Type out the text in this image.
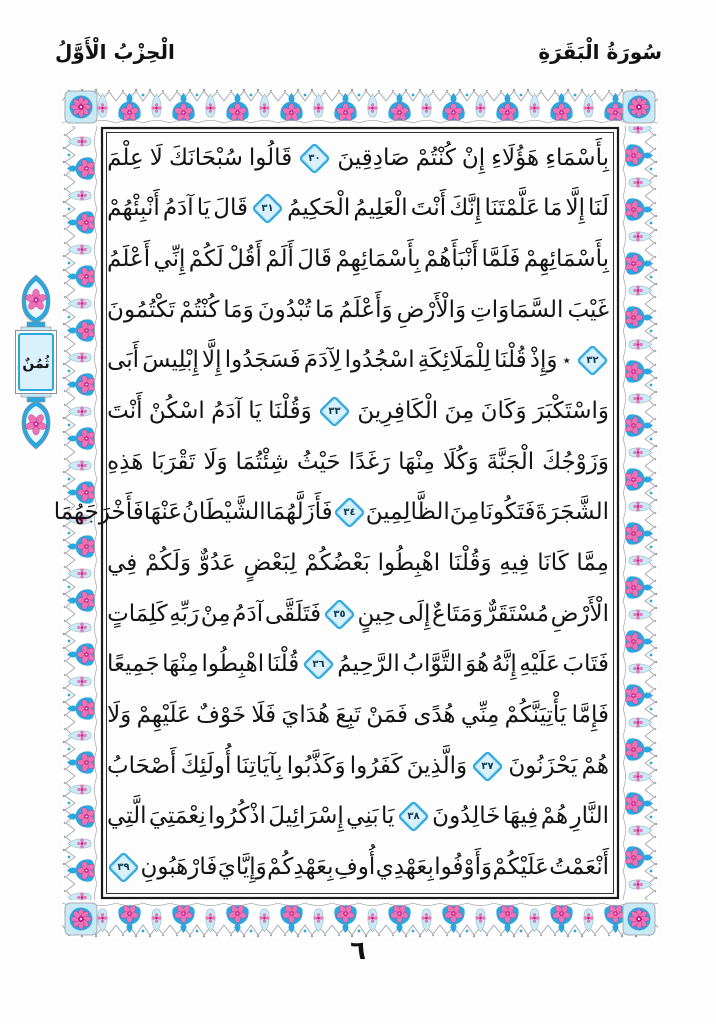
سُورَةُ الْبَقَرَةِ
الْحِزْبُ الْأَوَّلُ
ثُمُنٌ
بِأَسْمَاءِ
هَؤُلَاءِ
إِنْ
كُنْتُمْ
صَادِقِينَ
٣٠
قَالُوا
سُبْحَانَكَ
لَا
عِلْمَ
لَنَا
إِلَّا
مَا
عَلَّمْتَنَا
إِنَّكَ
أَنْتَ
الْعَلِيمُ
الْحَكِيمُ
٣١
قَالَ
يَا
آدَمُ
أَنْبِئْهُمْ
بِأَسْمَائِهِمْ
فَلَمَّا
أَنْبَأَهُمْ
بِأَسْمَائِهِمْ
قَالَ
أَلَمْ
أَقُلْ
لَكُمْ
إِنِّي
أَعْلَمُ
غَيْبَ
السَّمَاوَاتِ
وَالْأَرْضِ
وَأَعْلَمُ
مَا
تُبْدُونَ
وَمَا
كُنْتُمْ
تَكْتُمُونَ
٣٢
٭
وَإِذْ
قُلْنَا
لِلْمَلَائِكَةِ
اسْجُدُوا
لِآدَمَ
فَسَجَدُوا
إِلَّا
إِبْلِيسَ
أَبَى
وَاسْتَكْبَرَ
وَكَانَ
مِنَ
الْكَافِرِينَ
٣٣
وَقُلْنَا
يَا
آدَمُ
اسْكُنْ
أَنْتَ
وَزَوْجُكَ
الْجَنَّةَ
وَكُلَا
مِنْهَا
رَغَدًا
حَيْثُ
شِئْتُمَا
وَلَا
تَقْرَبَا
هَذِهِ
الشَّجَرَةَ
فَتَكُونَا
مِنَ
الظَّالِمِينَ
٣٤
فَأَزَلَّهُمَا
الشَّيْطَانُ
عَنْهَا
فَأَخْرَجَهُمَا
مِمَّا
كَانَا
فِيهِ
وَقُلْنَا
اهْبِطُوا
بَعْضُكُمْ
لِبَعْضٍ
عَدُوٌّ
وَلَكُمْ
فِي
الْأَرْضِ
مُسْتَقَرٌّ
وَمَتَاعٌ
إِلَى
حِينٍ
٣٥
فَتَلَقَّى
آدَمُ
مِنْ
رَبِّهِ
كَلِمَاتٍ
فَتَابَ
عَلَيْهِ
إِنَّهُ
هُوَ
التَّوَّابُ
الرَّحِيمُ
٣٦
قُلْنَا
اهْبِطُوا
مِنْهَا
جَمِيعًا
فَإِمَّا
يَأْتِيَنَّكُمْ
مِنِّي
هُدًى
فَمَنْ
تَبِعَ
هُدَايَ
فَلَا
خَوْفٌ
عَلَيْهِمْ
وَلَا
هُمْ
يَحْزَنُونَ
٣٧
وَالَّذِينَ
كَفَرُوا
وَكَذَّبُوا
بِآيَاتِنَا
أُولَئِكَ
أَصْحَابُ
النَّارِ
هُمْ
فِيهَا
خَالِدُونَ
٣٨
يَا
بَنِي
إِسْرَائِيلَ
اذْكُرُوا
نِعْمَتِيَ
الَّتِي
أَنْعَمْتُ
عَلَيْكُمْ
وَأَوْفُوا
بِعَهْدِي
أُوفِ
بِعَهْدِكُمْ
وَإِيَّايَ
فَارْهَبُونِ
٣٩
٦
